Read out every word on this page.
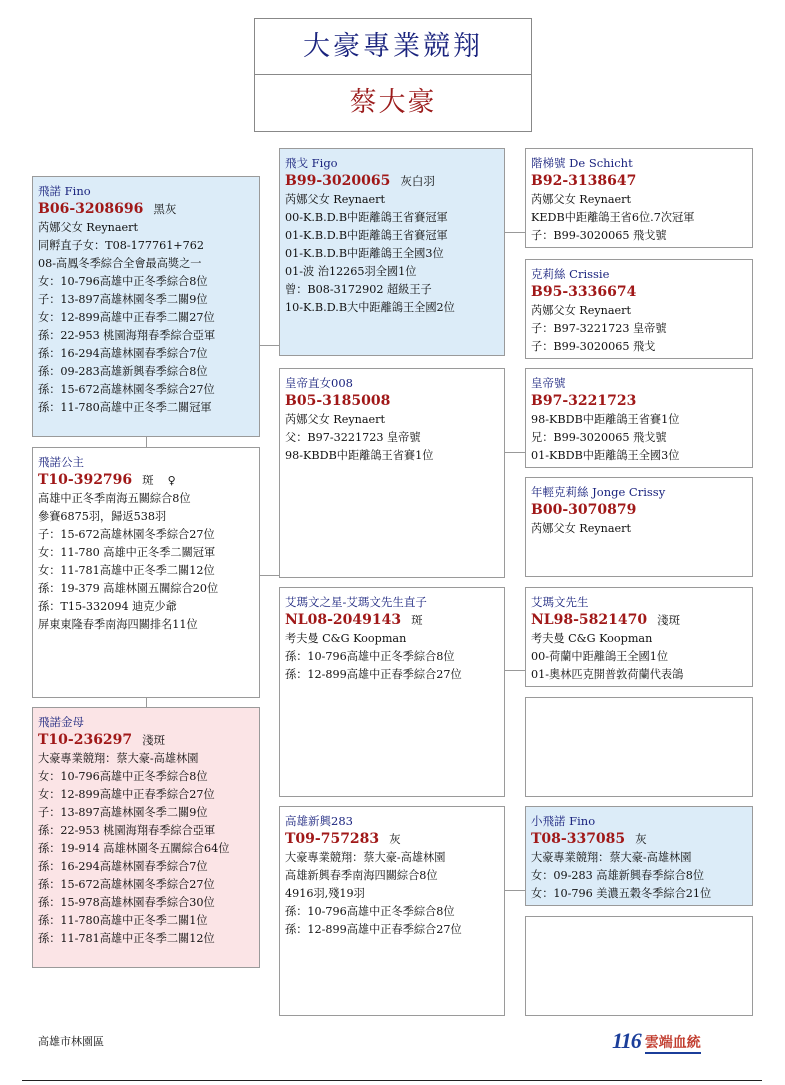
大豪專業競翔
蔡大豪
飛諾 Fino
B06-3208696 黑灰
芮娜父女 Reynaert
同孵直子女：T08-177761+762
08-高鳳冬季綜合全會最高獎之一
女：10-796高雄中正冬季綜合8位
子：13-897高雄林園冬季二關9位
女：12-899高雄中正春季二關27位
孫：22-953 桃園海翔春季綜合亞軍
孫：16-294高雄林園春季綜合7位
孫：09-283高雄新興春季綜合8位
孫：15-672高雄林園冬季綜合27位
孫：11-780高雄中正冬季二關冠軍
飛諾公主
T10-392796 斑 ♀
高雄中正冬季南海五關綜合8位
參賽6875羽，歸返538羽
子：15-672高雄林園冬季綜合27位
女：11-780 高雄中正冬季二關冠軍
女：11-781高雄中正冬季二關12位
孫：19-379 高雄林園五關綜合20位
孫：T15-332094 迪克少爺
屏東東隆春季南海四關排名11位
飛諾金母
T10-236297 淺斑
大豪專業競翔：蔡大豪-高雄林園
女：10-796高雄中正冬季綜合8位
女：12-899高雄中正春季綜合27位
子：13-897高雄林園冬季二關9位
孫：22-953 桃園海翔春季綜合亞軍
孫：19-914 高雄林園冬五關綜合64位
孫：16-294高雄林園春季綜合7位
孫：15-672高雄林園冬季綜合27位
孫：15-978高雄林園春季綜合30位
孫：11-780高雄中正冬季二關1位
孫：11-781高雄中正冬季二關12位
飛戈 Figo
B99-3020065 灰白羽
芮娜父女 Reynaert
00-K.B.D.B中距離鴿王省賽冠軍
01-K.B.D.B中距離鴿王省賽冠軍
01-K.B.D.B中距離鴿王全國3位
01-波 治12265羽全國1位
曾：B08-3172902 超級王子
10-K.B.D.B大中距離鴿王全國2位
皇帝直女008
B05-3185008
芮娜父女 Reynaert
父：B97-3221723 皇帝號
98-KBDB中距離鴿王省賽1位
艾瑪文之星-艾瑪文先生直子
NL08-2049143 斑
考夫曼 C&G Koopman
孫：10-796高雄中正冬季綜合8位
孫：12-899高雄中正春季綜合27位
高雄新興283
T09-757283 灰
大豪專業競翔：蔡大豪-高雄林園
高雄新興春季南海四關綜合8位
4916羽,殘19羽
孫：10-796高雄中正冬季綜合8位
孫：12-899高雄中正春季綜合27位
階梯號 De Schicht
B92-3138647
芮娜父女 Reynaert
KEDB中距離鴿王省6位.7次冠軍
子：B99-3020065 飛戈號
克莉絲 Crissie
B95-3336674
芮娜父女 Reynaert
子：B97-3221723 皇帝號
子：B99-3020065 飛戈
皇帝號
B97-3221723
98-KBDB中距離鴿王省賽1位
兄：B99-3020065 飛戈號
01-KBDB中距離鴿王全國3位
年輕克莉絲 Jonge Crissy
B00-3070879
芮娜父女 Reynaert
艾瑪文先生
NL98-5821470 淺斑
考夫曼 C&G Koopman
00-荷蘭中距離鴿王全國1位
01-奧林匹克開普敦荷蘭代表鴿
小飛諾 Fino
T08-337085 灰
大豪專業競翔：蔡大豪-高雄林園
女：09-283 高雄新興春季綜合8位
女：10-796 美濃五穀冬季綜合21位
高雄市林園區	116 雲端血統
